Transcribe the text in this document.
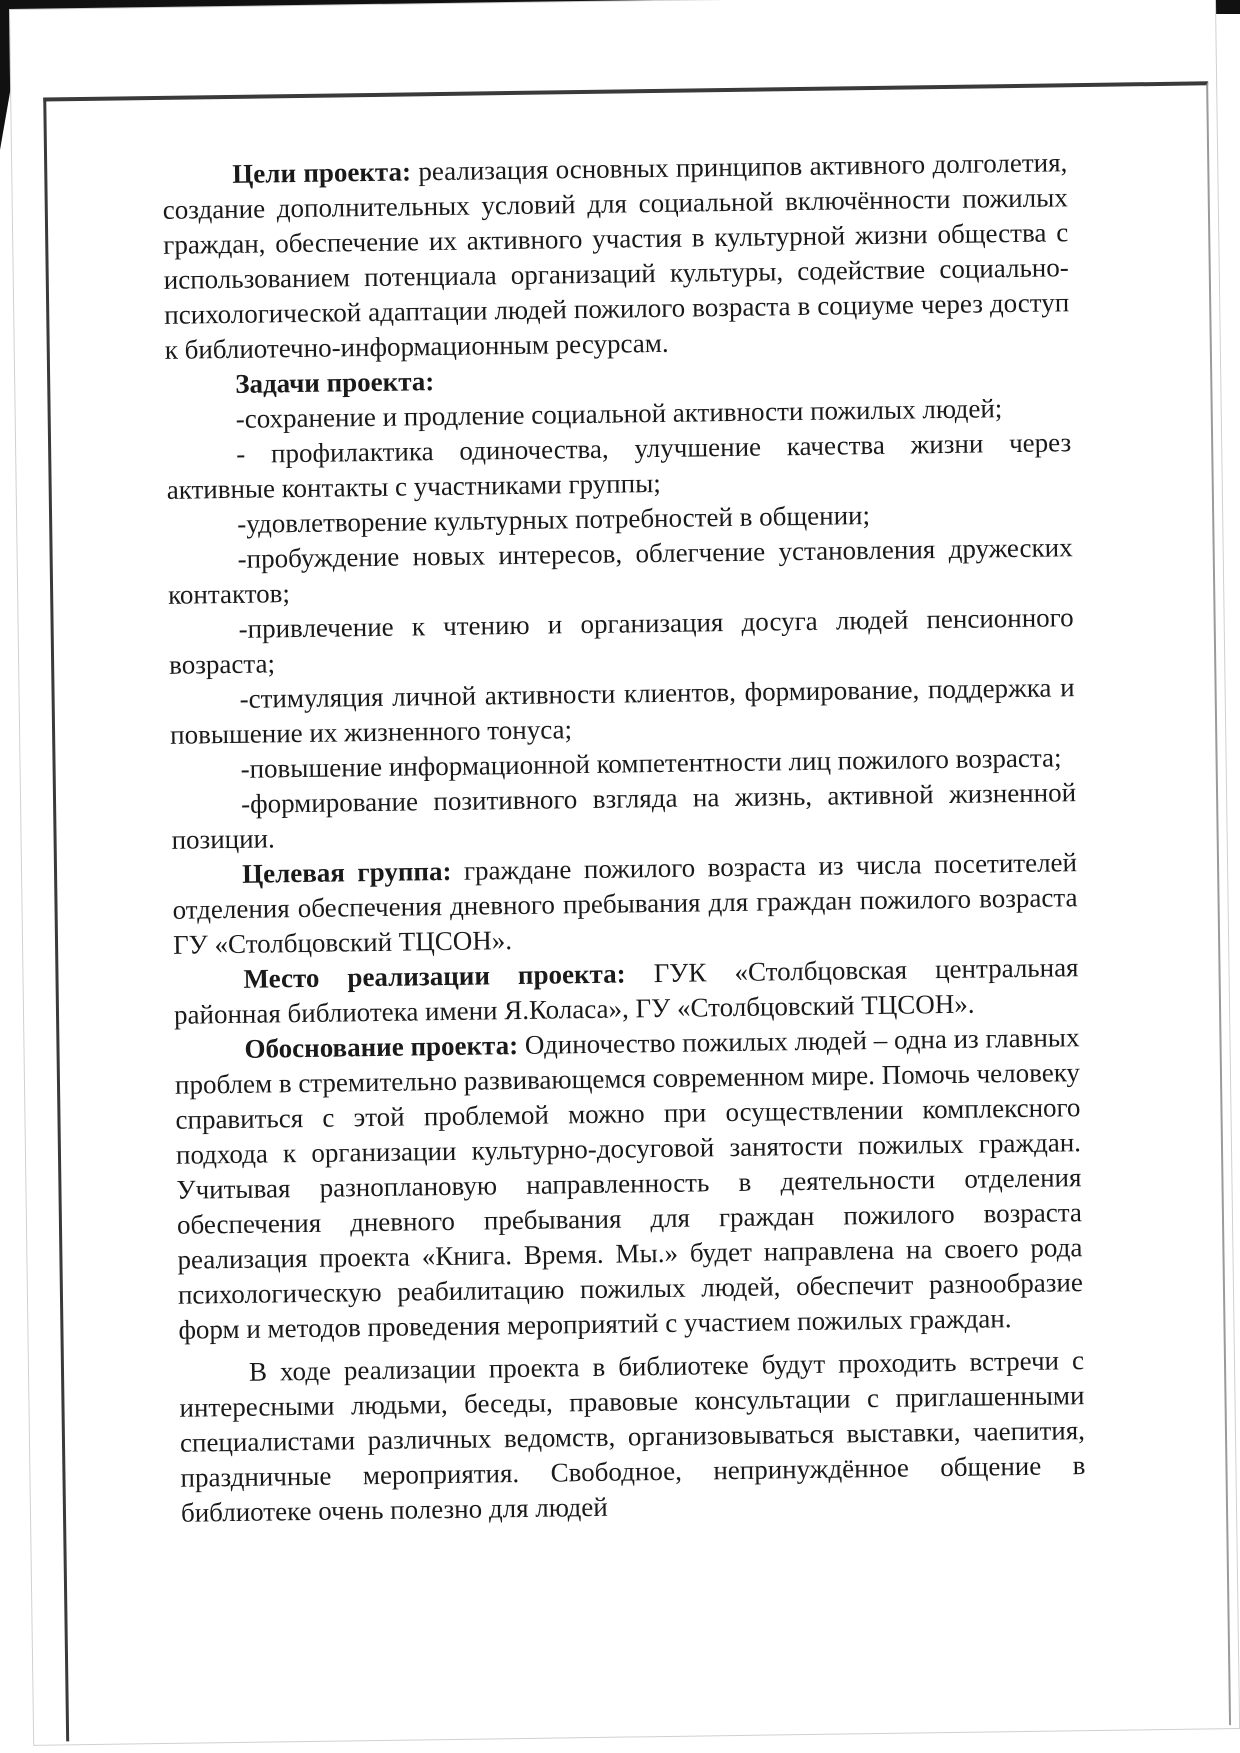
Цели проекта: реализация основных принципов активного долголетия, создание дополнительных условий для социальной включённости пожилых граждан, обеспечение их активного участия в культурной жизни общества с использованием потенциала организаций культуры, содействие социально-психологической адаптации людей пожилого возраста в социуме через доступ к библиотечно-информационным ресурсам.

Задачи проекта:

-сохранение и продление социальной активности пожилых людей;

- профилактика одиночества, улучшение качества жизни через активные контакты с участниками группы;

-удовлетворение культурных потребностей в общении;

-пробуждение новых интересов, облегчение установления дружеских контактов;

-привлечение к чтению и организация досуга людей пенсионного возраста;

-стимуляция личной активности клиентов, формирование, поддержка и повышение их жизненного тонуса;

-повышение информационной компетентности лиц пожилого возраста;

-формирование позитивного взгляда на жизнь, активной жизненной позиции.

Целевая группа: граждане пожилого возраста из числа посетителей отделения обеспечения дневного пребывания для граждан пожилого возраста ГУ «Столбцовский ТЦСОН».

Место реализации проекта: ГУК «Столбцовская центральная районная библиотека имени Я.Коласа», ГУ «Столбцовский ТЦСОН».

Обоснование проекта: Одиночество пожилых людей – одна из главных проблем в стремительно развивающемся современном мире. Помочь человеку справиться с этой проблемой можно при осуществлении комплексного подхода к организации культурно-досуговой занятости пожилых граждан. Учитывая разноплановую направленность в деятельности отделения обеспечения дневного пребывания для граждан пожилого возраста реализация проекта «Книга. Время. Мы.» будет направлена на своего рода психологическую реабилитацию пожилых людей, обеспечит разнообразие форм и методов проведения мероприятий с участием пожилых граждан.

В ходе реализации проекта в библиотеке будут проходить встречи с интересными людьми, беседы, правовые консультации с приглашенными специалистами различных ведомств, организовываться выставки, чаепития, праздничные мероприятия. Свободное, непринуждённое общение в библиотеке очень полезно для людей
